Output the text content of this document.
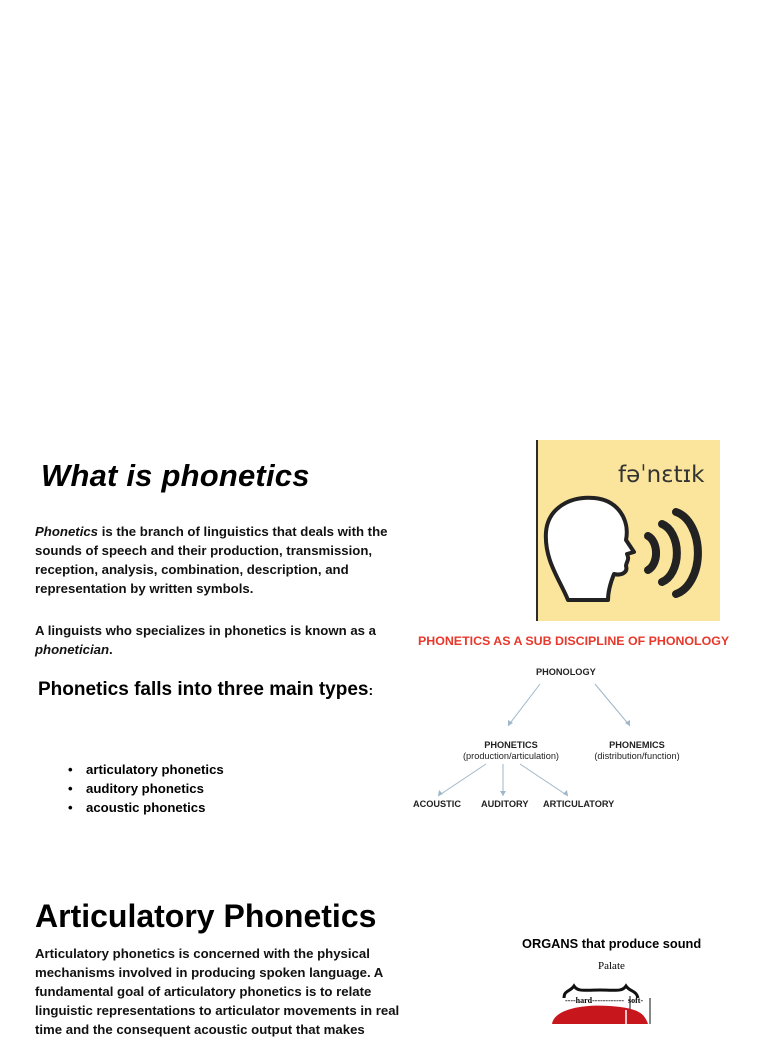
What is phonetics
Phonetics is the branch of linguistics that deals with the sounds of speech and their production, transmission, reception, analysis, combination, description, and representation by written symbols.
A linguists who specializes in phonetics is known as a phonetician.
Phonetics falls into three main types:
• articulatory phonetics
• auditory phonetics
• acoustic phonetics
fəˈnɛtɪk
PHONETICS AS A SUB DISCIPLINE OF PHONOLOGY
PHONOLOGY
PHONETICS
(production/articulation)
PHONEMICS
(distribution/function)
ACOUSTIC AUDITORY ARTICULATORY
Articulatory Phonetics
Articulatory phonetics is concerned with the physical mechanisms involved in producing spoken language. A fundamental goal of articulatory phonetics is to relate linguistic representations to articulator movements in real time and the consequent acoustic output that makes
ORGANS that produce sound
Palate
----hard------------ soft-
